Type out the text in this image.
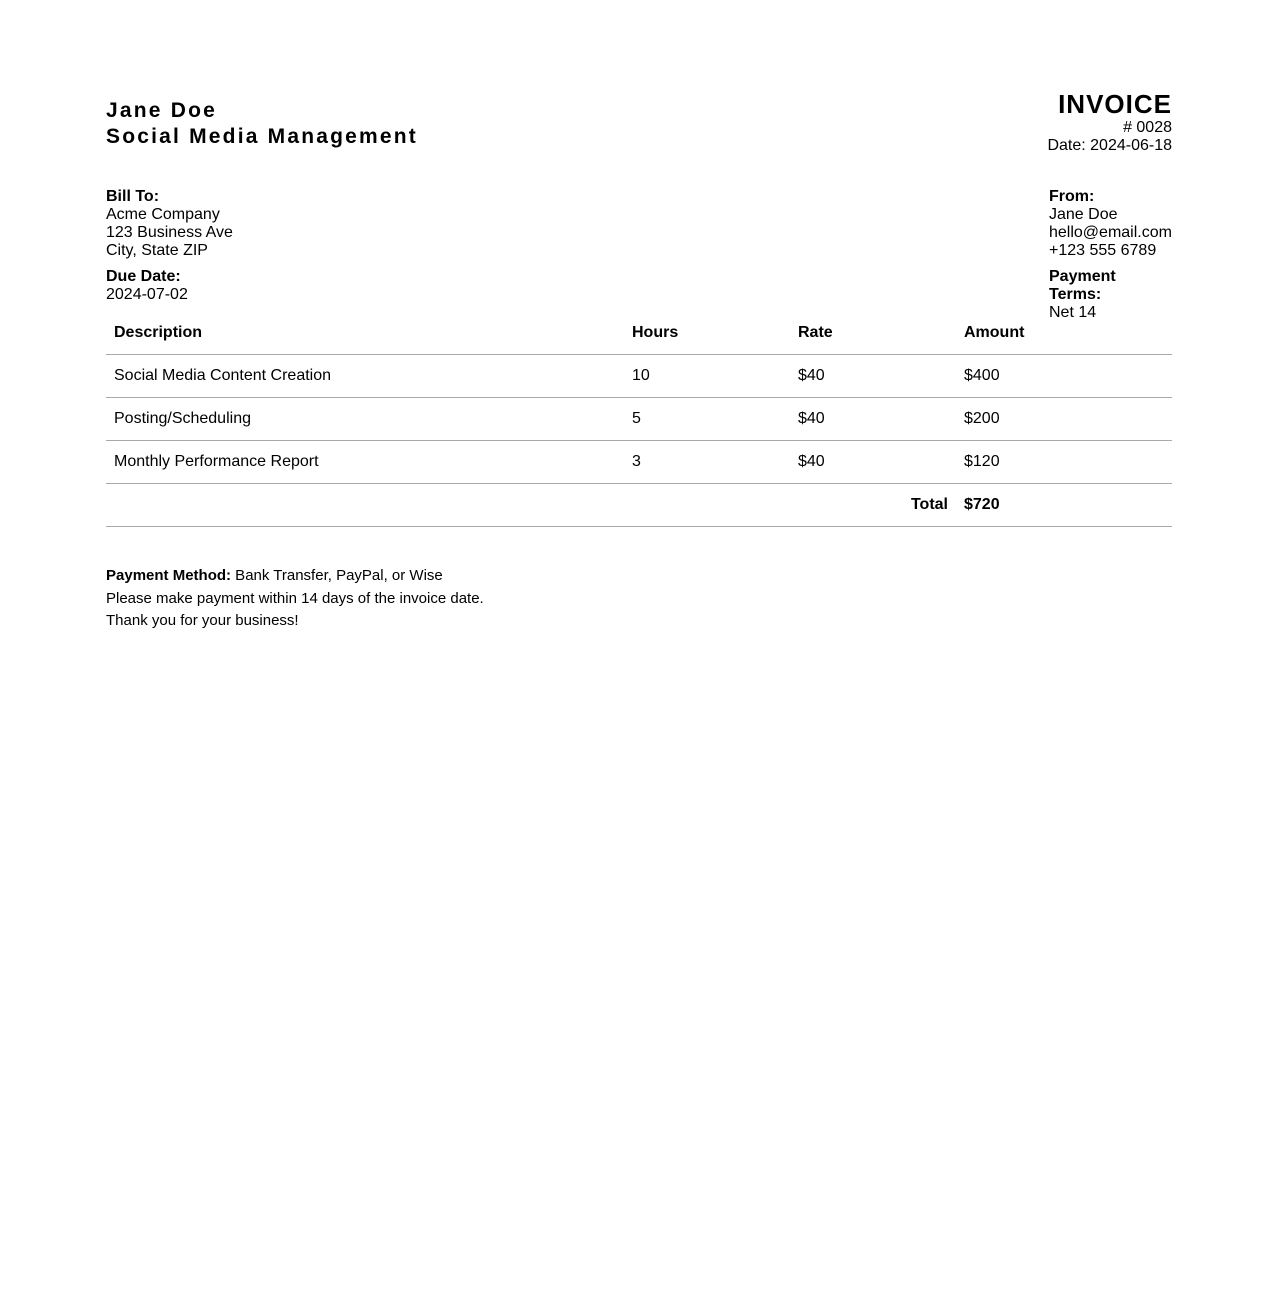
Jane Doe
Social Media Management
INVOICE
# 0028
Date: 2024-06-18
Bill To:
Acme Company
123 Business Ave
City, State ZIP
Due Date:
2024-07-02
From:
Jane Doe
hello@email.com
+123 555 6789
Payment Terms:
Net 14
Description	Hours	Rate	Amount
Social Media Content Creation	10	$40	$400
Posting/Scheduling	5	$40	$200
Monthly Performance Report	3	$40	$120
Total			$720
Payment Method: Bank Transfer, PayPal, or Wise
Please make payment within 14 days of the invoice date.
Thank you for your business!
